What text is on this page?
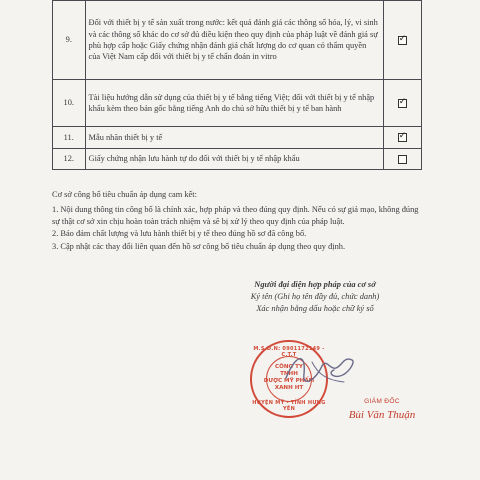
9.	Đối với thiết bị y tế sản xuất trong nước: kết quả đánh giá các thông số hóa, lý, vi sinh và các thông số khác do cơ sở đủ điều kiện theo quy định của pháp luật về đánh giá sự phù hợp cấp hoặc Giấy chứng nhận đánh giá chất lượng do cơ quan có thẩm quyền của Việt Nam cấp đối với thiết bị y tế chẩn đoán in vitro	✓

10.	Tài liệu hướng dẫn sử dụng của thiết bị y tế bằng tiếng Việt; đối với thiết bị y tế nhập khẩu kèm theo bản gốc bằng tiếng Anh do chủ sở hữu thiết bị y tế ban hành	✓

11.	Mẫu nhãn thiết bị y tế	✓

12.	Giấy chứng nhận lưu hành tự do đối với thiết bị y tế nhập khẩu	
Cơ sở công bố tiêu chuẩn áp dụng cam kết:

1. Nội dung thông tin công bố là chính xác, hợp pháp và theo đúng quy định. Nếu có sự giả mạo, không đúng sự thật cơ sở xin chịu hoàn toàn trách nhiệm và sẽ bị xử lý theo quy định của pháp luật.

2. Bảo đảm chất lượng và lưu hành thiết bị y tế theo đúng hồ sơ đã công bố.

3. Cập nhật các thay đổi liên quan đến hồ sơ công bố tiêu chuẩn áp dụng theo quy định.

Người đại diện hợp pháp của cơ sở
Ký tên (Ghi họ tên đầy đủ, chức danh)
Xác nhận bằng dấu hoặc chữ ký số
M.S.D.N: 0901172149 - C.T.T
CÔNG TY
TNHH
DƯỢC MỸ PHẨM
XANH HT
HUYỆN MỸ - TỈNH HƯNG YÊN
GIÁM ĐỐC
Bùi Văn Thuận
